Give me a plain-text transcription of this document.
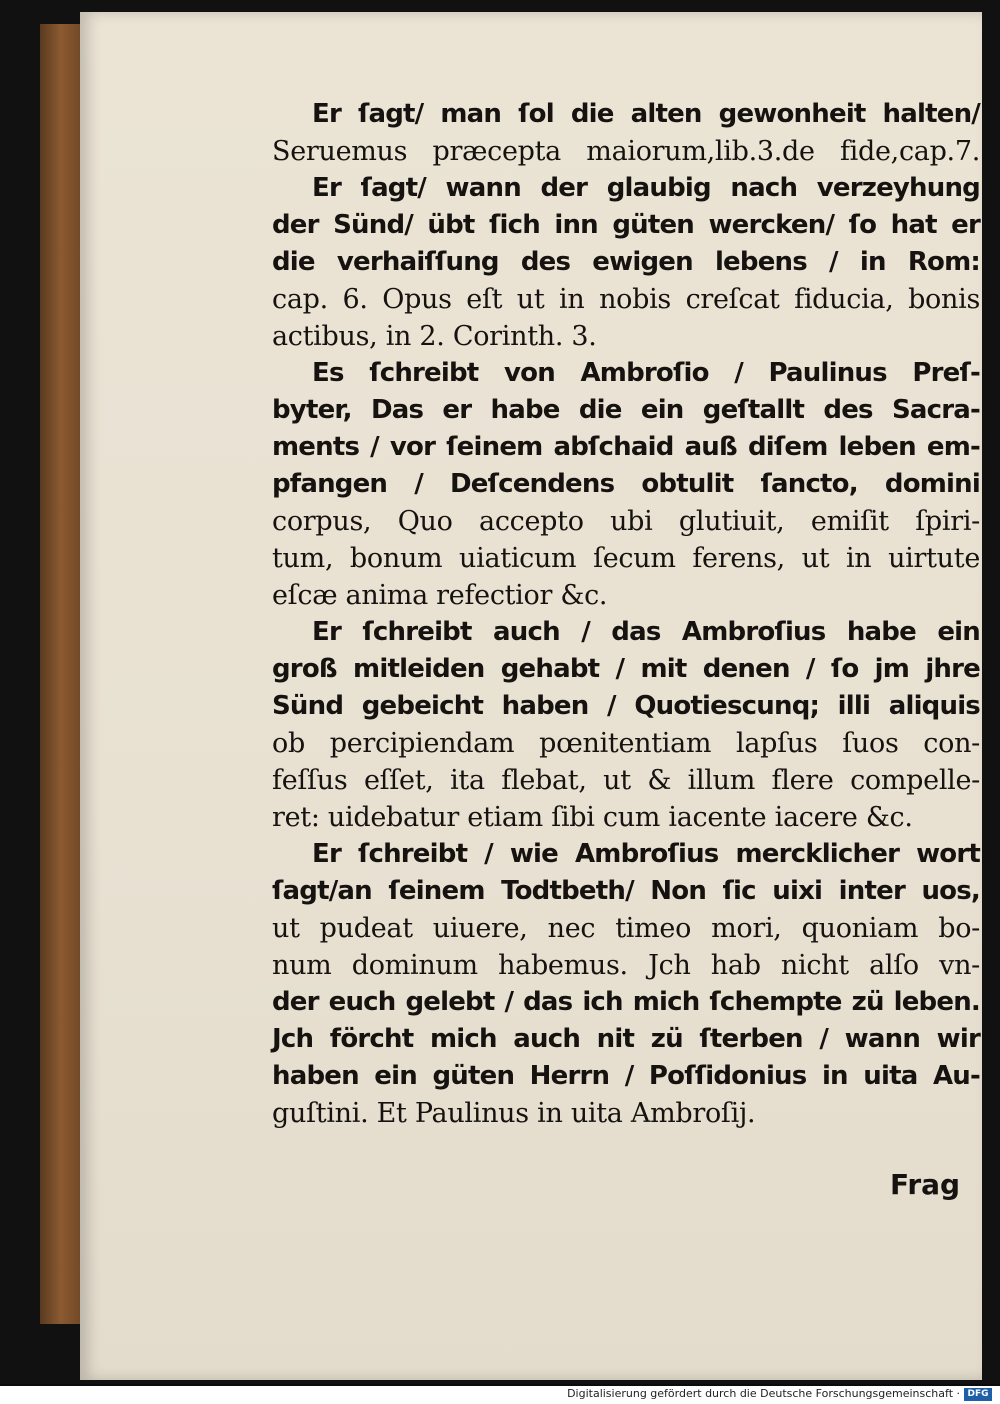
Er ſagt/ man ſol die alten gewonheit halten/
Seruemus præcepta maiorum,lib.3.de fide,cap.7.
Er ſagt/ wann der glaubig nach verzeyhung
der Sünd/ übt ſich inn güten wercken/ ſo hat er
die verhaiſſung des ewigen lebens / in Rom:
cap. 6. Opus eſt ut in nobis creſcat fiducia, bonis
actibus, in 2. Corinth. 3.
Es ſchreibt von Ambroſio / Paulinus Preſ-
byter, Das er habe die ein geſtallt des Sacra-
ments / vor ſeinem abſchaid auß diſem leben em-
pfangen / Deſcendens obtulit ſancto, domini
corpus, Quo accepto ubi glutiuit, emiſit ſpiri-
tum, bonum uiaticum ſecum ferens, ut in uirtute
eſcæ anima refectior &c.
Er ſchreibt auch / das Ambroſius habe ein
groß mitleiden gehabt / mit denen / ſo jm jhre
Sünd gebeicht haben / Quotiescunq; illi aliquis
ob percipiendam pœnitentiam lapſus ſuos con-
feſſus eſſet, ita flebat, ut & illum flere compelle-
ret: uidebatur etiam ſibi cum iacente iacere &c.
Er ſchreibt / wie Ambroſius mercklicher wort
ſagt/an ſeinem Todtbeth/ Non ſic uixi inter uos,
ut pudeat uiuere, nec timeo mori, quoniam bo-
num dominum habemus. Jch hab nicht alſo vn-
der euch gelebt / das ich mich ſchempte zü leben.
Jch förcht mich auch nit zü ſterben / wann wir
haben ein güten Herrn / Poſſidonius in uita Au-
guſtini. Et Paulinus in uita Ambroſij.
Frag
Digitalisierung gefördert durch die Deutsche Forschungsgemeinschaft · DFG
